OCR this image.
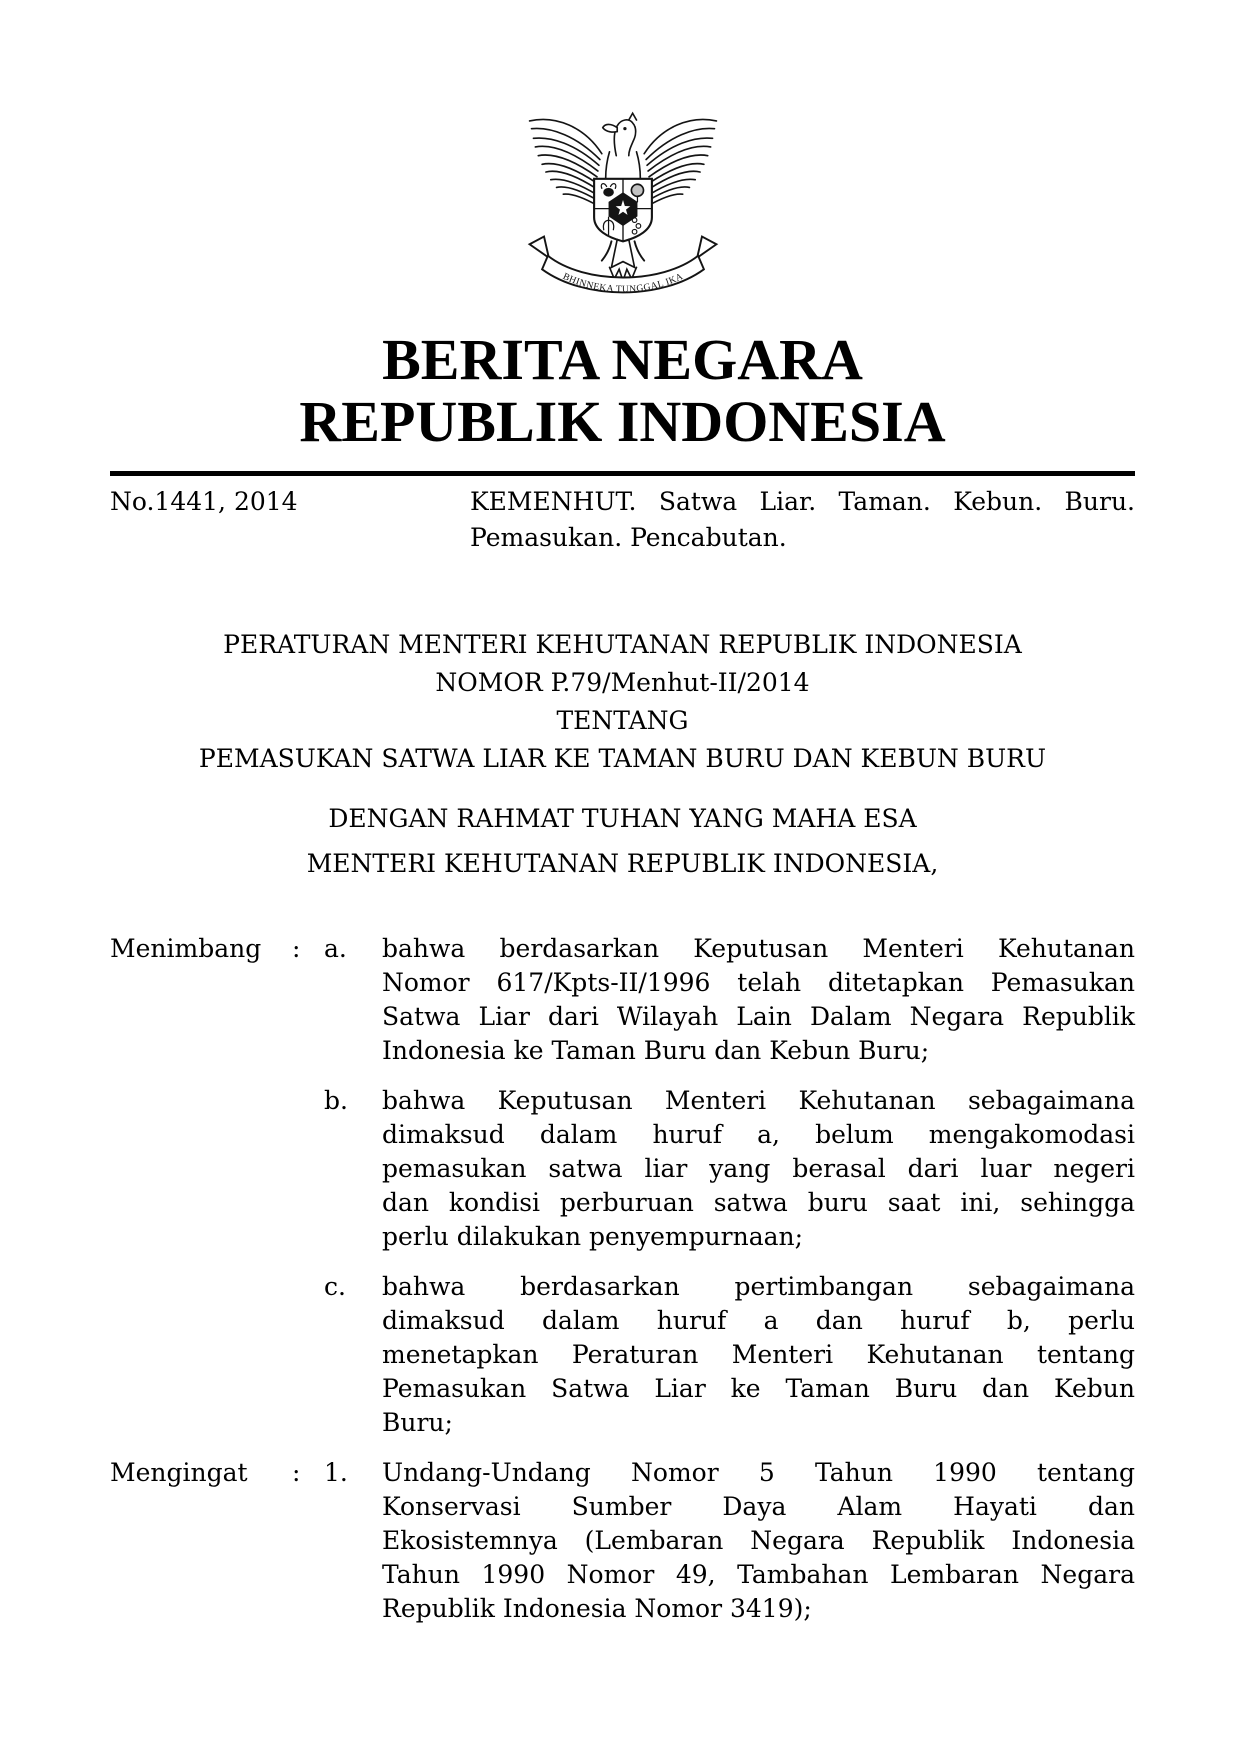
BHINNEKA TUNGGAL IKA
BERITA NEGARA
REPUBLIK INDONESIA
No.1441, 2014	KEMENHUT. Satwa Liar. Taman. Kebun. Buru.
Pemasukan. Pencabutan.
PERATURAN MENTERI KEHUTANAN REPUBLIK INDONESIA
NOMOR P.79/Menhut-II/2014
TENTANG
PEMASUKAN SATWA LIAR KE TAMAN BURU DAN KEBUN BURU
DENGAN RAHMAT TUHAN YANG MAHA ESA
MENTERI KEHUTANAN REPUBLIK INDONESIA,
Menimbang	: a.	bahwa berdasarkan Keputusan Menteri Kehutanan
Nomor 617/Kpts-II/1996 telah ditetapkan Pemasukan
Satwa Liar dari Wilayah Lain Dalam Negara Republik
Indonesia ke Taman Buru dan Kebun Buru;
b.	bahwa Keputusan Menteri Kehutanan sebagaimana
dimaksud dalam huruf a, belum mengakomodasi
pemasukan satwa liar yang berasal dari luar negeri
dan kondisi perburuan satwa buru saat ini, sehingga
perlu dilakukan penyempurnaan;
c.	bahwa berdasarkan pertimbangan sebagaimana
dimaksud dalam huruf a dan huruf b, perlu
menetapkan Peraturan Menteri Kehutanan tentang
Pemasukan Satwa Liar ke Taman Buru dan Kebun
Buru;
Mengingat	: 1.	Undang-Undang Nomor 5 Tahun 1990 tentang
Konservasi Sumber Daya Alam Hayati dan
Ekosistemnya (Lembaran Negara Republik Indonesia
Tahun 1990 Nomor 49, Tambahan Lembaran Negara
Republik Indonesia Nomor 3419);
